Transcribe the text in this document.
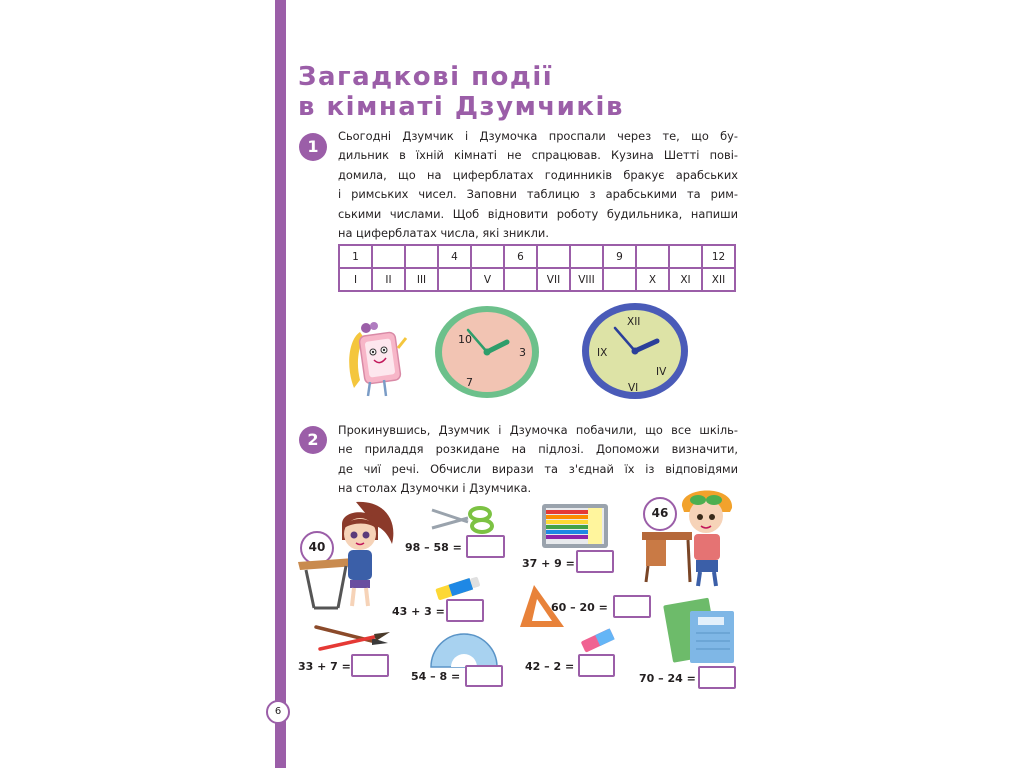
Загадкові події
в кімнаті Дзумчиків
1
Сьогодні Дзумчик і Дзумочка проспали через те, що бу-
дильник в їхній кімнаті не спрацював. Кузина Шетті пові-
домила, що на циферблатах годинників бракує арабських
і римських чисел. Заповни таблицю з арабськими та рим-
ськими числами. Щоб відновити роботу будильника, напиши
на циферблатах числа, які зникли.
1			4		6			9			12
I	II	III		V		VII	VIII		X	XI	XII
10
3
7
XII
IX
IV
VI
2	Прокинувшись, Дзумчик і Дзумочка побачили, що все шкіль-
не приладдя розкидане на підлозі. Допоможи визначити,
де чиї речі. Обчисли вирази та з'єднай їх із відповідями
на столах Дзумочки і Дзумчика.
40	98 – 58 =
37 + 9 =
46
43 + 3 =	60 – 20 =
33 + 7 =
54 – 8 =
42 – 2 =
70 – 24 =
6
